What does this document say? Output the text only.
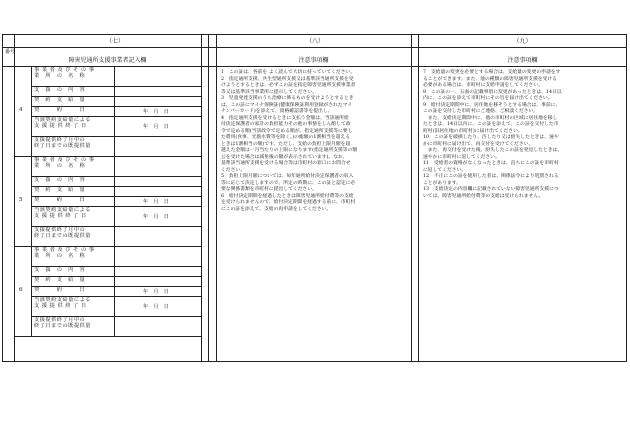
（七）	（八）	（九）
番号
障害児通所支援事業者記入欄	注意事項欄	注意事項欄
1　この証は、各前を よく読んで大切に持っていてください。
2　指定通所支援、共生型通所支援又は基準該当通所支援を受
けようとするときは、必ずこの証を指定障害児通所支援事業者
等又は基準該当事業所に提示してください。
3　児童発達支援のうち治療に係るものを受けようとするとき
は、この証にマイナ保険証(健康保険証利用登録がされたマイ
ナンバーカード)を添えて、資格確認書等を提出し、
4　指定通所支援を受けるときに支払う金額は、当該通所給
付決定保護者の家計の負担能力その他の事情をしん酌して政
令で定める額(当該政令で定める額が、指定通所支援等に要し
た費用(食事、光熱水費等を除く。)の総額の1割相当を超える
ときは1割相当の額)です。ただし、支給の負担上限月額を超
越えた金額は一月当たりの上限になります(指定通所支援等の額
公を受けた場合は減免後の額が表示されています)。なお、
基準該当通所支援を受ける場合等は市町村の窓口にお問合せ
ください。
5　負担上限月額については、毎年通所給付決定保護者の収入
等に応じて決定しますので、所定の時期に、この証と認定に必
要な関係書類を市町村に提出してください。
6　給付決定期間を経過したときは障害児通所給付費等の支給
を受けられませんので、給付決定期間を経過する前に、市町村
にこの証を添えて、支給の再申請をしてください。
7　支給量の変更を必要とする場合は、支給量の変更の申請をす
ることができます。また、他の種類の障害児通所支援を受ける
必要がある場合は、市町村に支給申請をしてください。
8　この証の一、五面の記載事項に変更があったときは、14日以
内に、この証を添えて市町村にその旨を届け出てください。
9　給付決定期間中に、居住地を移そうとする場合は、事前に、
この証を交付した市町村にご連絡、ご相談ください。
　また、支給決定期間中に、他の市町村の区域に居住地を移し
たときは、14日以内に、この証を添えて、この証を交付した市
町村(旧居住地の市町村)に届け出てください。
10　この証を破損したり、汚したり又は紛失したときは、速や
かに市町村に届け出て、再交付を受けてください。
　また、再交付を受けた後、紛失したこの証を発見したときは、
速やかに市町村に返してください。
11　受給者の資格がなくなったときは、直ちにこの証を市町村
に返してください。
12　不正にこの証を使用した者は、関係法令により処罰される
ことがあります。
13　支給決定の内容欄に記載されていない障害児通所支援につ
いては、障害児通所給付費等の支給は受けられません。
事 業 者 及 び そ の 事
業　所　の　名　称
支　援　の　内　容
契　約　支　給　量
契　　　約　　　日	年　月　日
当該契約支給量による
支 援 提 供 終 了 日	年　月　日
支援提供終了月中の
終了日までの既提供量
4
事 業 者 及 び そ の 事
業　所　の　名　称
支　援　の　内　容
契　約　支　給　量
契　　　約　　　日	年　月　日
当該契約支給量による
支 援 提 供 終 了 日	年　月　日
支援提供終了月中の
終了日までの既提供量
5
事 業 者 及 び そ の 事
業　所　の　名　称
支　援　の　内　容
契　約　支　給　量
契　　　約　　　日	年　月　日
当該契約支給量による
支 援 提 供 終 了 日	年　月　日
支援提供終了月中の
終了日までの既提供量
6
